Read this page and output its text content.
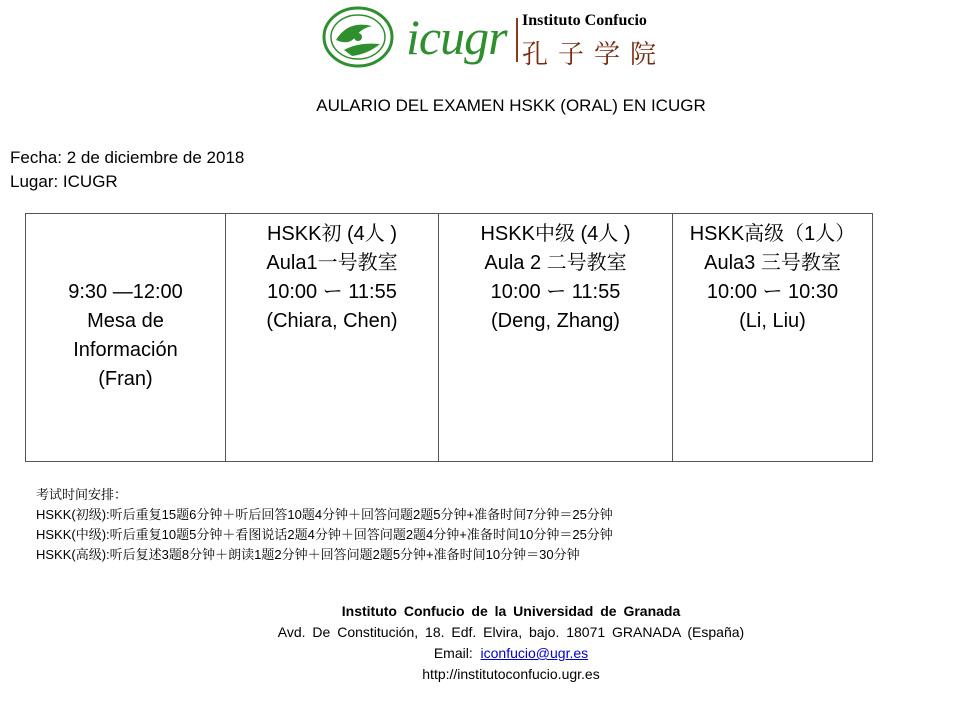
icugr Instituto Confucio
孔子学院
AULARIO DEL EXAMEN HSKK (ORAL) EN ICUGR
Fecha: 2 de diciembre de 2018
Lugar: ICUGR
9:30 —12:00
Mesa de
Información
(Fran)

HSKK初 (4人 )
Aula1一号教室
10:00 ー 11:55
(Chiara, Chen)

HSKK中级 (4人 )
Aula 2 二号教室
10:00 ー 11:55
(Deng, Zhang)

HSKK高级（1人）
Aula3 三号教室
10:00 ー 10:30
(Li, Liu)
考试时间安排：
HSKK(初级):听后重复15题6分钟＋听后回答10题4分钟＋回答问题2题5分钟+准备时间7分钟＝25分钟
HSKK(中级):听后重复10题5分钟＋看图说话2题4分钟＋回答问题2题4分钟+准备时间10分钟＝25分钟
HSKK(高级):听后复述3题8分钟＋朗读1题2分钟＋回答问题2题5分钟+准备时间10分钟＝30分钟
Instituto Confucio de la Universidad de Granada
Avd. De Constitución, 18. Edf. Elvira, bajo. 18071 GRANADA (España)
Email:  iconfucio@ugr.es
http://institutoconfucio.ugr.es
